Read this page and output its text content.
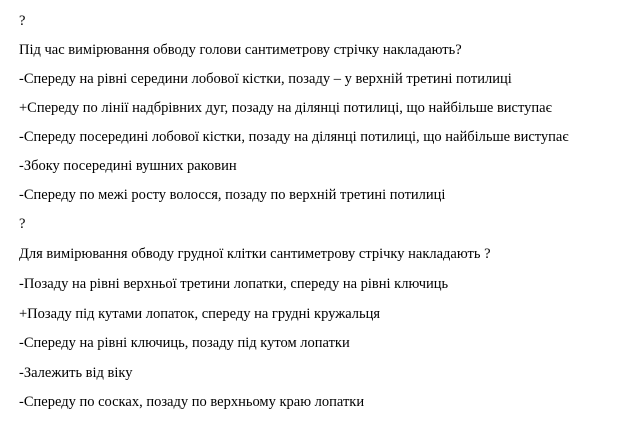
?
Під час вимірювання обводу голови сантиметрову стрічку накладають?
-Спереду на рівні середини лобової кістки, позаду – у верхній третині потилиці
+Спереду по лінії надбрівних дуг, позаду на ділянці потилиці, що найбільше виступає
-Спереду посередині лобової кістки, позаду на ділянці потилиці, що найбільше виступає
-Збоку посередині вушних раковин
-Спереду по межі росту волосся, позаду по верхній третині потилиці
?
Для вимірювання обводу грудної клітки сантиметрову стрічку накладають ?
-Позаду на рівні верхньої третини лопатки, спереду на рівні ключиць
+Позаду під кутами лопаток, спереду на грудні кружальця
-Спереду на рівні ключиць, позаду під кутом лопатки
-Залежить від віку
-Спереду по сосках, позаду по верхньому краю лопатки
